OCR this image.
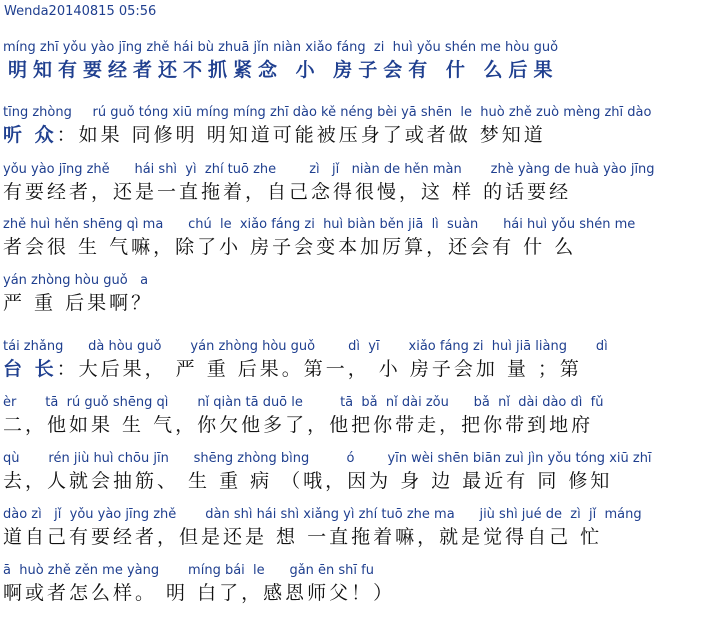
Wenda20140815 05:56
míng zhī yǒu yào jīng zhě hái bù zhuā jǐn niàn xiǎo fáng  zi  huì yǒu shén me hòu guǒ
明知有要经者还不抓紧念 小 房子会有 什 么后果
tīng zhòng     rú guǒ tóng xiū míng míng zhī dào kě néng bèi yā shēn  le  huò zhě zuò mèng zhī dào
听 众：如果 同修明 明知道可能被压身了或者做 梦知道
yǒu yào jīng zhě      hái shì  yì  zhí tuō zhe        zì   jǐ   niàn de hěn màn       zhè yàng de huà yào jīng
有要经者，还是一直拖着，自己念得很慢，这 样 的话要经
zhě huì hěn shēng qì ma      chú  le  xiǎo fáng zi  huì biàn běn jiā  lì  suàn      hái huì yǒu shén me
者会很 生 气嘛，除了小 房子会变本加厉算，还会有 什 么
yán zhòng hòu guǒ   a
严 重 后果啊？
tái zhǎng      dà hòu guǒ       yán zhòng hòu guǒ        dì  yī       xiǎo fáng zi  huì jiā liàng       dì
台 长：大后果， 严 重 后果。第一， 小 房子会加 量 ；第
èr       tā  rú guǒ shēng qì       nǐ qiàn tā duō le         tā  bǎ  nǐ dài zǒu      bǎ  nǐ  dài dào dì  fǔ
二，他如果 生 气，你欠他多了，他把你带走，把你带到地府
qù       rén jiù huì chōu jīn      shēng zhòng bìng         ó        yīn wèi shēn biān zuì jìn yǒu tóng xiū zhī
去，人就会抽筋、 生 重 病 （哦，因为 身 边 最近有 同 修知
dào zì   jǐ  yǒu yào jīng zhě       dàn shì hái shì xiǎng yì zhí tuō zhe ma      jiù shì jué de  zì  jǐ  máng
道自己有要经者，但是还是 想 一直拖着嘛，就是觉得自己 忙
ā  huò zhě zěn me yàng       míng bái  le      gǎn ēn shī fu
啊或者怎么样。 明 白了，感恩师父！）
